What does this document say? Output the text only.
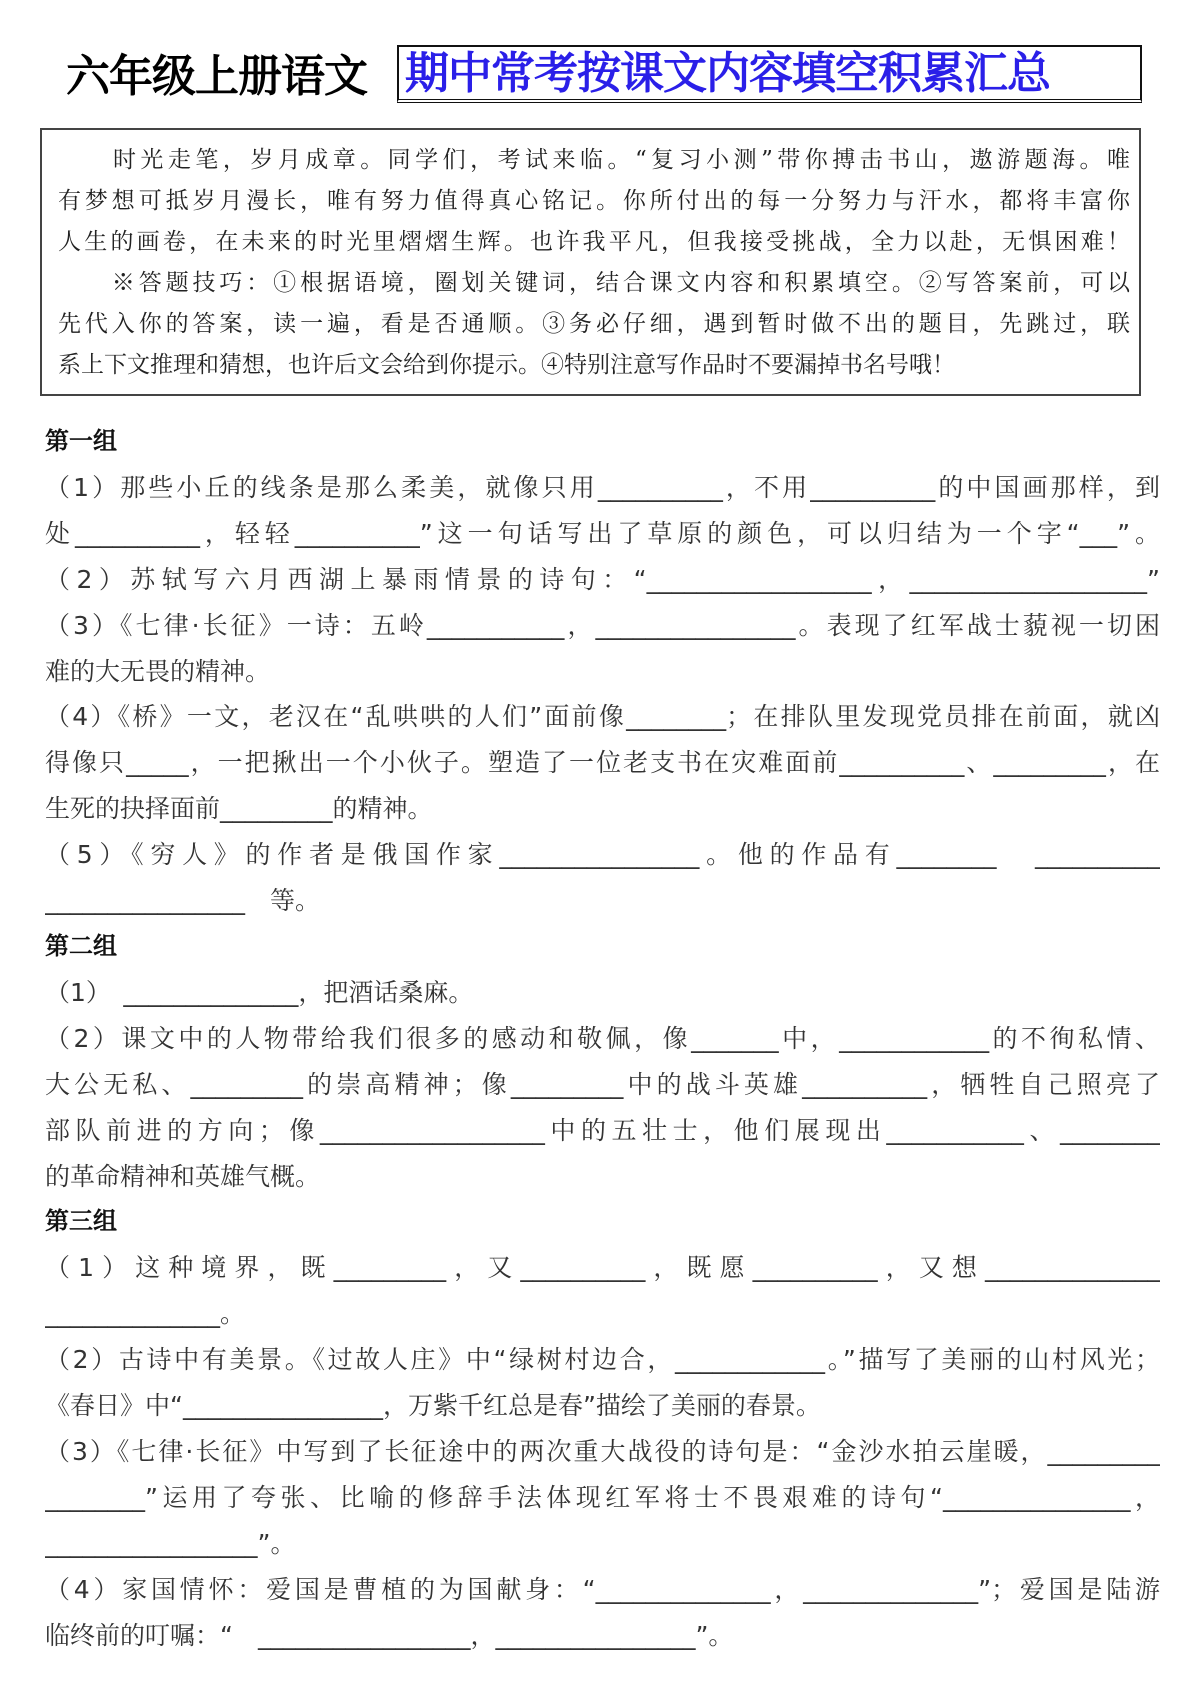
六年级上册语文 期中常考按课文内容填空积累汇总
　　时光走笔，岁月成章。同学们，考试来临。“复习小测”带你搏击书山，遨游题海。唯
有梦想可抵岁月漫长，唯有努力值得真心铭记。你所付出的每一分努力与汗水，都将丰富你
人生的画卷，在未来的时光里熠熠生辉。也许我平凡，但我接受挑战，全力以赴，无惧困难！
　　※答题技巧：①根据语境，圈划关键词，结合课文内容和积累填空。②写答案前，可以
先代入你的答案，读一遍，看是否通顺。③务必仔细，遇到暂时做不出的题目，先跳过，联
系上下文推理和猜想，也许后文会给到你提示。④特别注意写作品时不要漏掉书名号哦！
第一组
（1）那些小丘的线条是那么柔美，就像只用__________，不用__________的中国画那样，到
处__________，轻轻__________”这一句话写出了草原的颜色，可以归结为一个字“___”。
（2）苏轼写六月西湖上暴雨情景的诗句：“__________________，___________________”
（3）《七律·长征》一诗：五岭___________，________________。表现了红军战士藐视一切困
难的大无畏的精神。
（4）《桥》一文，老汉在“乱哄哄的人们”面前像________；在排队里发现党员排在前面，就凶
得像只_____，一把揪出一个小伙子。塑造了一位老支书在灾难面前__________、_________，在
生死的抉择面前_________的精神。
（5）《穷人》的作者是俄国作家________________。他的作品有________　__________
________________　等。
第二组
（1）　______________，把酒话桑麻。
（2）课文中的人物带给我们很多的感动和敬佩，像_______中，____________的不徇私情、
大公无私、_________的崇高精神；像_________中的战斗英雄__________，牺牲自己照亮了
部队前进的方向；像__________________中的五壮士，他们展现出___________、________
的革命精神和英雄气概。
第三组
（1）这种境界，既_________，又__________，既愿__________，又想______________
______________。
（2）古诗中有美景。《过故人庄》中“绿树村边合，____________。”描写了美丽的山村风光；
《春日》中“________________，万紫千红总是春”描绘了美丽的春景。
（3）《七律·长征》中写到了长征途中的两次重大战役的诗句是：“金沙水拍云崖暖，_________
________”运用了夸张、比喻的修辞手法体现红军将士不畏艰难的诗句“_______________，
_________________”。
（4）家国情怀：爱国是曹植的为国献身：“______________，______________”；爱国是陆游
临终前的叮嘱：“　_________________，________________”。
